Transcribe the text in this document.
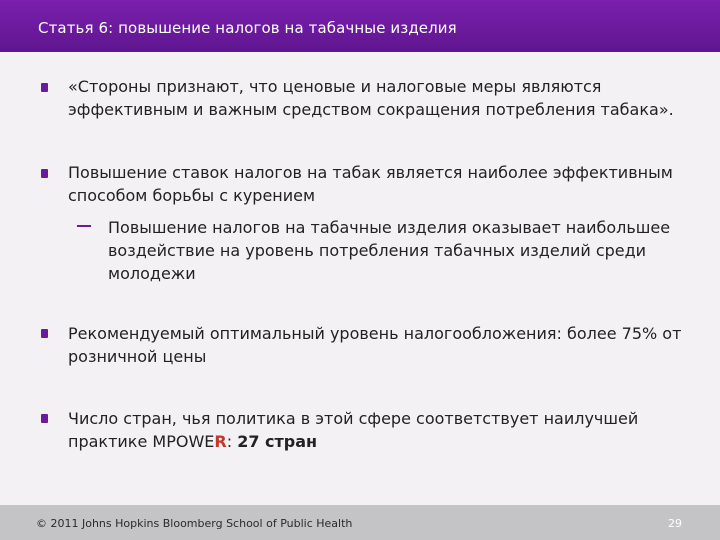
Статья 6: повышение налогов на табачные изделия
«Стороны признают, что ценовые и налоговые меры являются эффективным и важным средством сокращения потребления табака».
Повышение ставок налогов на табак является наиболее эффективным способом борьбы с курением
Повышение налогов на табачные изделия оказывает наибольшее воздействие на уровень потребления табачных изделий среди молодежи
Рекомендуемый оптимальный уровень налогообложения: более 75% от розничной цены
Число стран, чья политика в этой сфере соответствует наилучшей практике MPOWER: 27 стран
© 2011 Johns Hopkins Bloomberg School of Public Health	29
